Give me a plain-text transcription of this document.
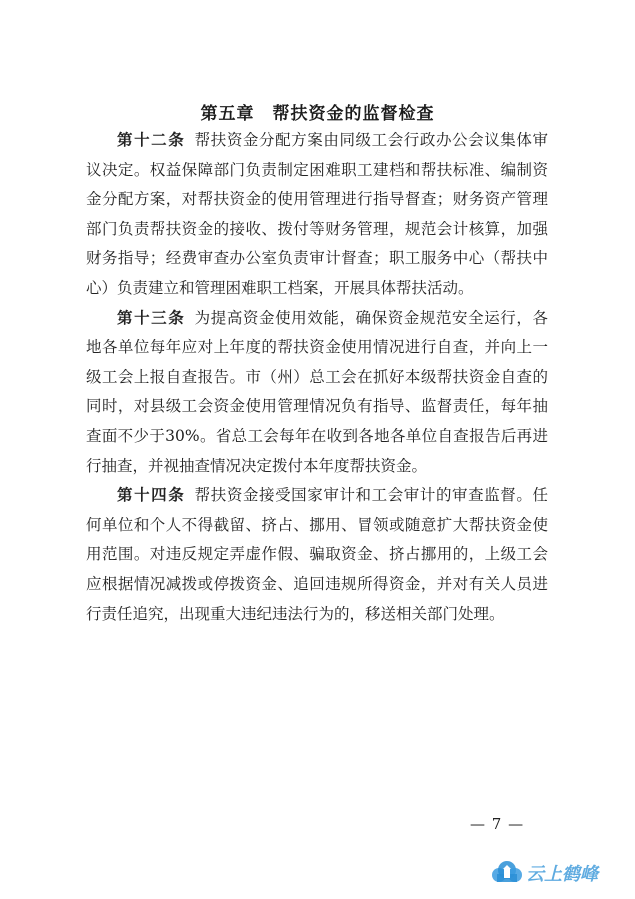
第五章　帮扶资金的监督检查

第十二条 帮扶资金分配方案由同级工会行政办公会议集体审议决定。权益保障部门负责制定困难职工建档和帮扶标准、编制资金分配方案，对帮扶资金的使用管理进行指导督查；财务资产管理部门负责帮扶资金的接收、拨付等财务管理，规范会计核算，加强财务指导；经费审查办公室负责审计督查；职工服务中心（帮扶中心）负责建立和管理困难职工档案，开展具体帮扶活动。

第十三条 为提高资金使用效能，确保资金规范安全运行，各地各单位每年应对上年度的帮扶资金使用情况进行自查，并向上一级工会上报自查报告。市（州）总工会在抓好本级帮扶资金自查的同时，对县级工会资金使用管理情况负有指导、监督责任，每年抽查面不少于30%。省总工会每年在收到各地各单位自查报告后再进行抽查，并视抽查情况决定拨付本年度帮扶资金。

第十四条 帮扶资金接受国家审计和工会审计的审查监督。任何单位和个人不得截留、挤占、挪用、冒领或随意扩大帮扶资金使用范围。对违反规定弄虚作假、骗取资金、挤占挪用的，上级工会应根据情况减拨或停拨资金、追回违规所得资金，并对有关人员进行责任追究，出现重大违纪违法行为的，移送相关部门处理。

— 7 —
云上鹤峰
